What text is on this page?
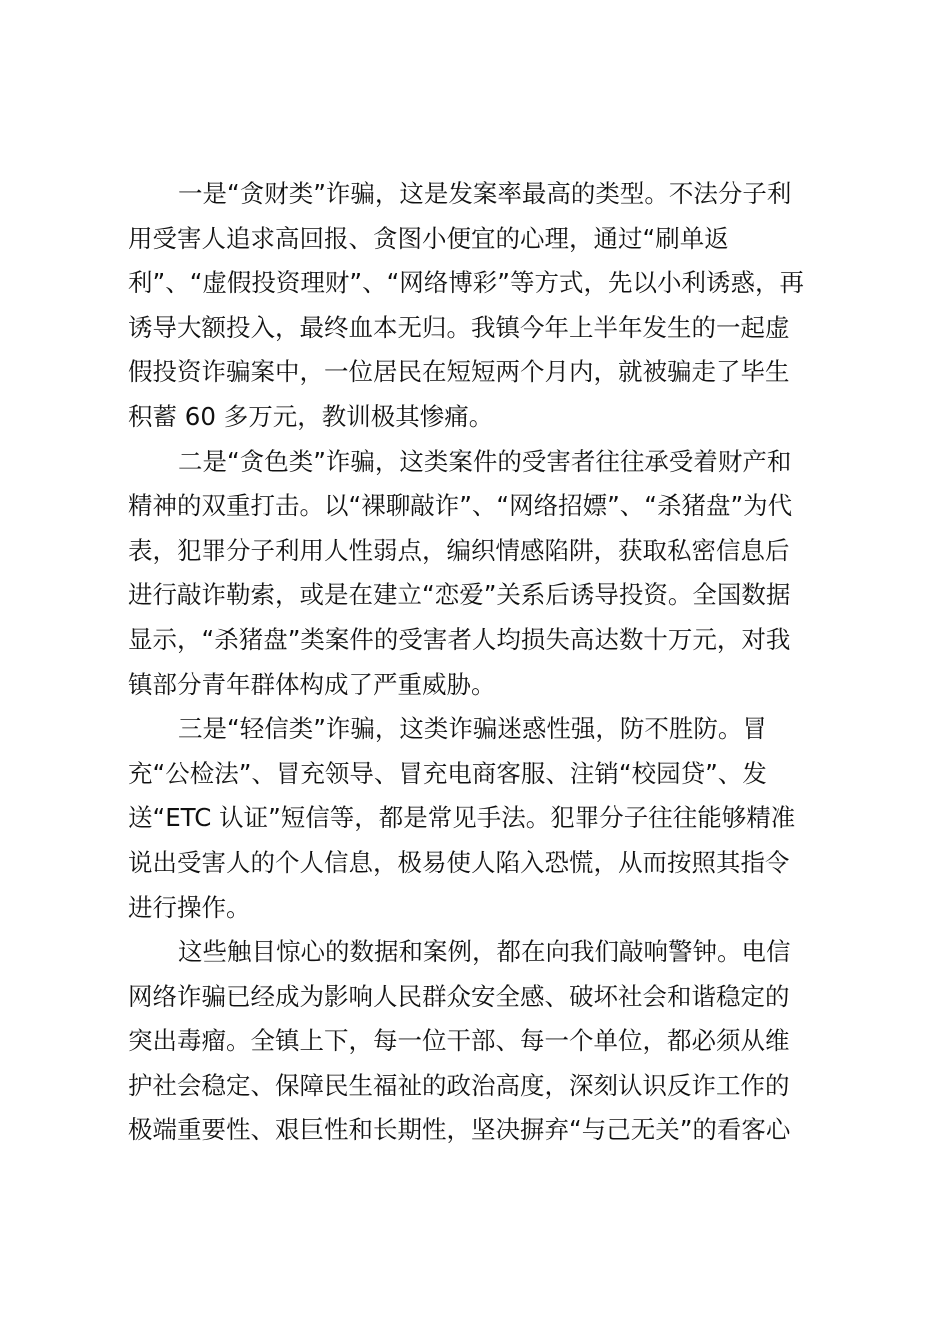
一是“贪财类”诈骗，这是发案率最高的类型。不法分子利
用受害人追求高回报、贪图小便宜的心理，通过“刷单返
利”、“虚假投资理财”、“网络博彩”等方式，先以小利诱惑，再
诱导大额投入，最终血本无归。我镇今年上半年发生的一起虚
假投资诈骗案中，一位居民在短短两个月内，就被骗走了毕生
积蓄 60 多万元，教训极其惨痛。

二是“贪色类”诈骗，这类案件的受害者往往承受着财产和
精神的双重打击。以“裸聊敲诈”、“网络招嫖”、“杀猪盘”为代
表，犯罪分子利用人性弱点，编织情感陷阱，获取私密信息后
进行敲诈勒索，或是在建立“恋爱”关系后诱导投资。全国数据
显示，“杀猪盘”类案件的受害者人均损失高达数十万元，对我
镇部分青年群体构成了严重威胁。

三是“轻信类”诈骗，这类诈骗迷惑性强，防不胜防。冒
充“公检法”、冒充领导、冒充电商客服、注销“校园贷”、发
送“ETC 认证”短信等，都是常见手法。犯罪分子往往能够精准
说出受害人的个人信息，极易使人陷入恐慌，从而按照其指令
进行操作。

这些触目惊心的数据和案例，都在向我们敲响警钟。电信
网络诈骗已经成为影响人民群众安全感、破坏社会和谐稳定的
突出毒瘤。全镇上下，每一位干部、每一个单位，都必须从维
护社会稳定、保障民生福祉的政治高度，深刻认识反诈工作的
极端重要性、艰巨性和长期性，坚决摒弃“与己无关”的看客心
